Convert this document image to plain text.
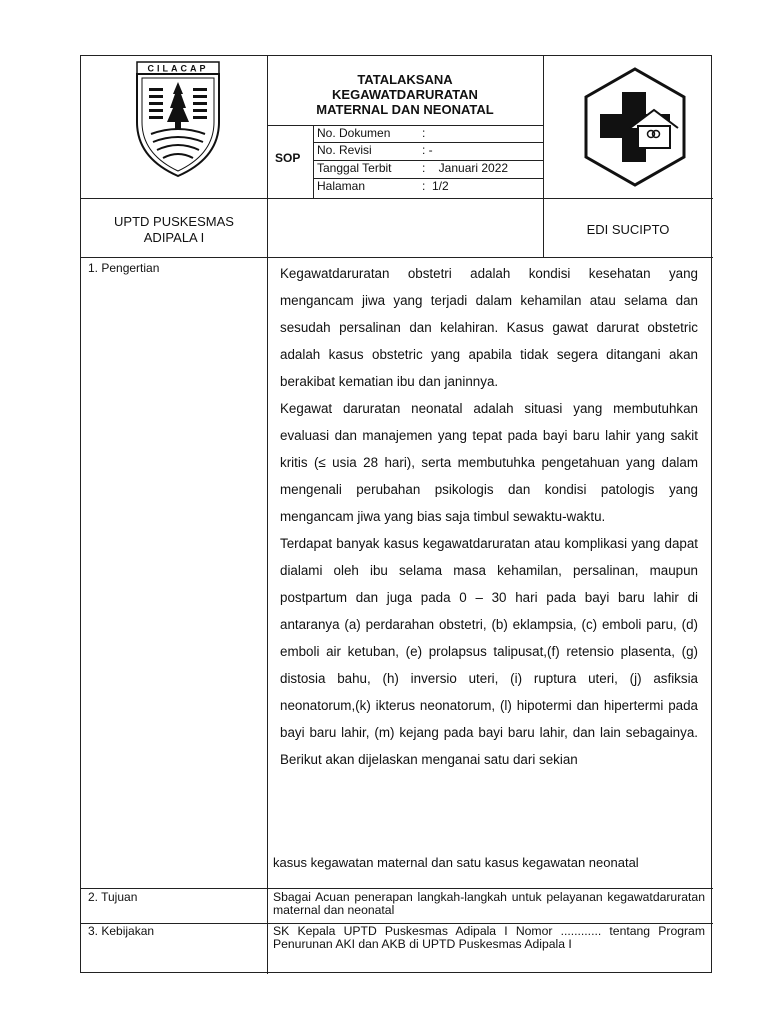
CILACAP
TATALAKSANA
KEGAWATDARURATAN
MATERNAL DAN NEONATAL
SOP
No. Dokumen	:
No. Revisi	: -
Tanggal Terbit	:    Januari 2022
Halaman	:  1/2
UPTD PUSKESMAS
ADIPALA I
EDI SUCIPTO
1. Pengertian	Kegawatdaruratan obstetri adalah kondisi kesehatan yang mengancam jiwa yang terjadi dalam kehamilan atau selama dan sesudah persalinan dan kelahiran. Kasus gawat darurat obstetric adalah kasus obstetric yang apabila tidak segera ditangani akan berakibat kematian ibu dan janinnya.

Kegawat daruratan neonatal adalah situasi yang membutuhkan evaluasi dan manajemen yang tepat pada bayi baru lahir yang sakit kritis (≤ usia 28 hari), serta membutuhka pengetahuan yang dalam mengenali perubahan psikologis dan kondisi patologis yang mengancam jiwa yang bias saja timbul sewaktu-waktu.

Terdapat banyak kasus kegawatdaruratan atau komplikasi yang dapat dialami oleh ibu selama masa kehamilan, persalinan, maupun postpartum dan juga pada 0 – 30 hari pada bayi baru lahir di antaranya (a) perdarahan obstetri, (b) eklampsia, (c) emboli paru, (d) emboli air ketuban, (e) prolapsus talipusat,(f) retensio plasenta, (g) distosia bahu, (h) inversio uteri, (i) ruptura uteri, (j) asfiksia neonatorum,(k) ikterus neonatorum, (l) hipotermi dan hipertermi pada bayi baru lahir, (m) kejang pada bayi baru lahir, dan lain sebagainya. Berikut akan dijelaskan menganai satu dari sekian

kasus kegawatan maternal dan satu kasus kegawatan neonatal
2. Tujuan	Sbagai Acuan penerapan langkah-langkah untuk pelayanan kegawatdaruratan maternal dan neonatal
3. Kebijakan	SK Kepala UPTD Puskesmas Adipala I Nomor ............ tentang Program Penurunan AKI dan AKB di UPTD Puskesmas Adipala I
